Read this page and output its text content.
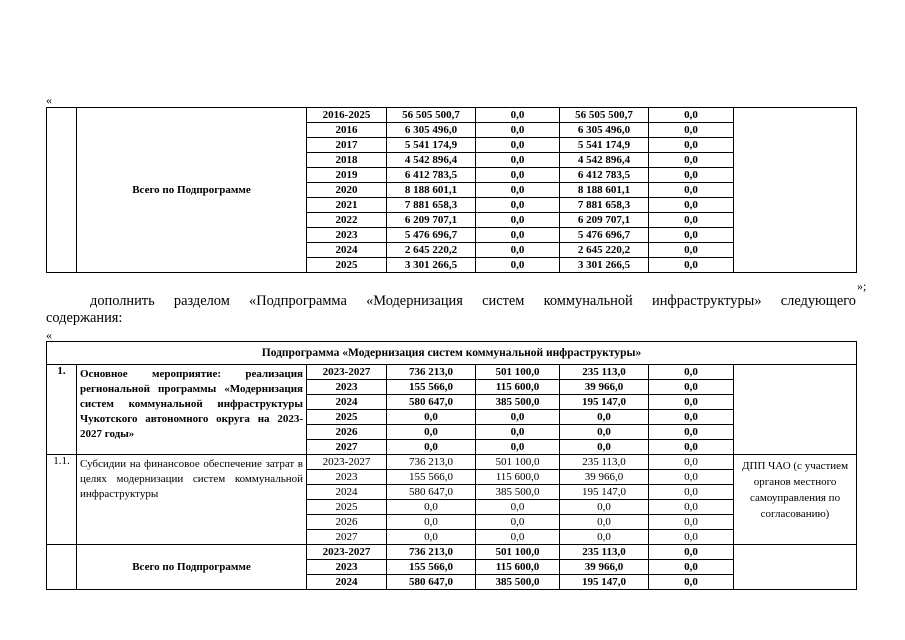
«
	Всего по Подпрограмме	2016-2025	56 505 500,7	0,0	56 505 500,7	0,0	
		2016	6 305 496,0	0,0	6 305 496,0	0,0	
		2017	5 541 174,9	0,0	5 541 174,9	0,0	
		2018	4 542 896,4	0,0	4 542 896,4	0,0	
		2019	6 412 783,5	0,0	6 412 783,5	0,0	
		2020	8 188 601,1	0,0	8 188 601,1	0,0	
		2021	7 881 658,3	0,0	7 881 658,3	0,0	
		2022	6 209 707,1	0,0	6 209 707,1	0,0	
		2023	5 476 696,7	0,0	5 476 696,7	0,0	
		2024	2 645 220,2	0,0	2 645 220,2	0,0	
		2025	3 301 266,5	0,0	3 301 266,5	0,0	
»;
дополнить разделом «Подпрограмма «Модернизация систем коммунальной инфраструктуры» следующего
содержания:
«
Подпрограмма «Модернизация систем коммунальной инфраструктуры»							
1.	Основное мероприятие: реализация региональной программы «Модернизация систем коммунальной инфраструктуры Чукотского автономного округа на 2023-2027 годы»	2023-2027	736 213,0	501 100,0	235 113,0	0,0	
		2023	155 566,0	115 600,0	39 966,0	0,0	
		2024	580 647,0	385 500,0	195 147,0	0,0	
		2025	0,0	0,0	0,0	0,0	
		2026	0,0	0,0	0,0	0,0	
		2027	0,0	0,0	0,0	0,0	
1.1.	Субсидии на финансовое обеспечение затрат в целях модернизации систем коммунальной инфраструктуры	2023-2027	736 213,0	501 100,0	235 113,0	0,0	ДПП ЧАО (с участием органов местного самоуправления по согласованию)
		2023	155 566,0	115 600,0	39 966,0	0,0	
		2024	580 647,0	385 500,0	195 147,0	0,0	
		2025	0,0	0,0	0,0	0,0	
		2026	0,0	0,0	0,0	0,0	
		2027	0,0	0,0	0,0	0,0	
	Всего по Подпрограмме	2023-2027	736 213,0	501 100,0	235 113,0	0,0	
		2023	155 566,0	115 600,0	39 966,0	0,0	
		2024	580 647,0	385 500,0	195 147,0	0,0	
